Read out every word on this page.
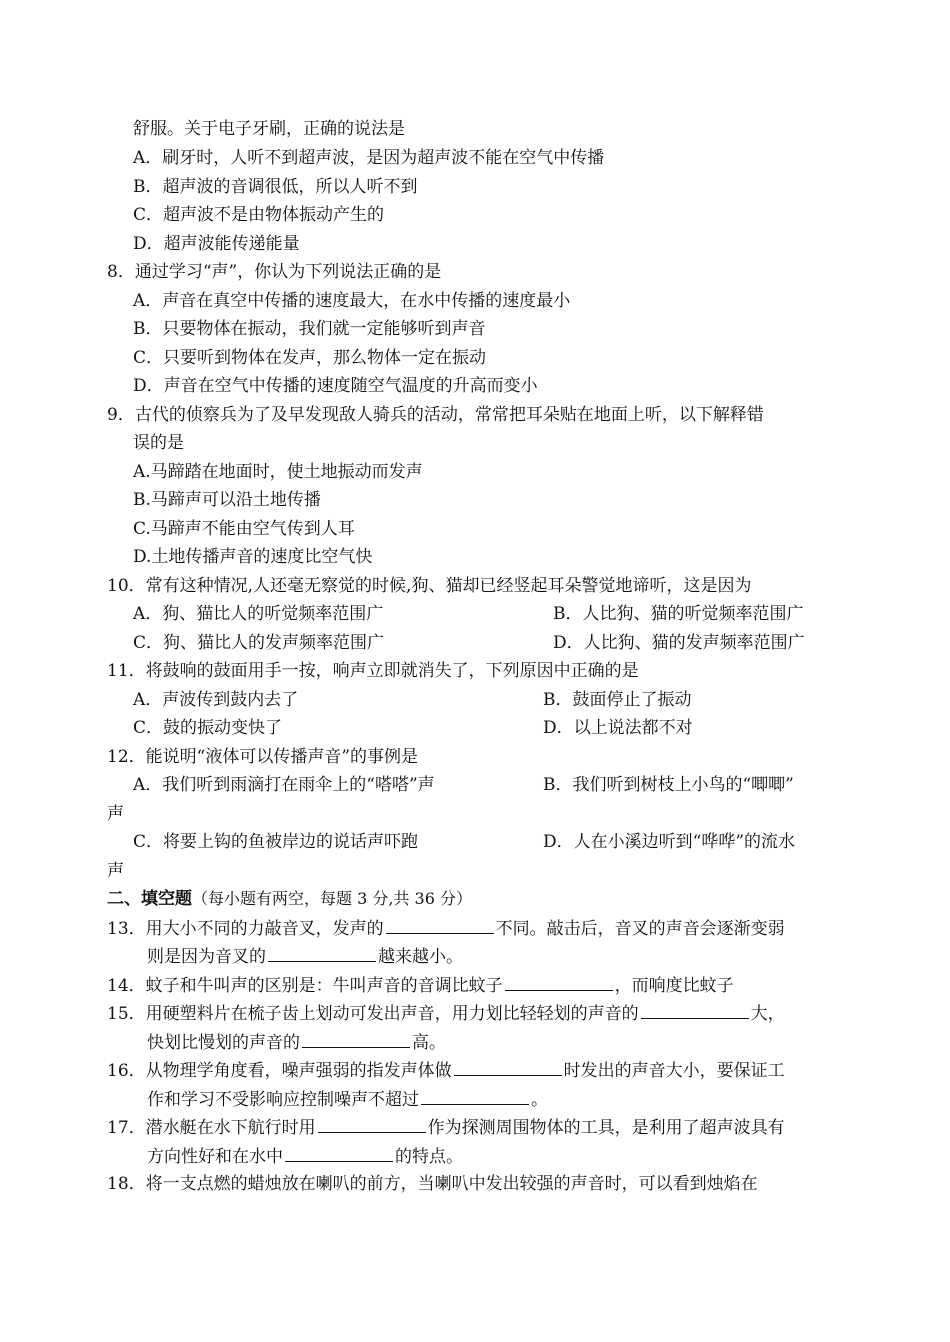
舒服。关于电子牙刷，正确的说法是
A．刷牙时，人听不到超声波，是因为超声波不能在空气中传播
B．超声波的音调很低，所以人听不到
C．超声波不是由物体振动产生的
D．超声波能传递能量
8．通过学习“声”，你认为下列说法正确的是
A．声音在真空中传播的速度最大，在水中传播的速度最小
B．只要物体在振动，我们就一定能够听到声音
C．只要听到物体在发声，那么物体一定在振动
D．声音在空气中传播的速度随空气温度的升高而变小
9．古代的侦察兵为了及早发现敌人骑兵的活动，常常把耳朵贴在地面上听，以下解释错
误的是
A.马蹄踏在地面时，使土地振动而发声
B.马蹄声可以沿土地传播
C.马蹄声不能由空气传到人耳
D.土地传播声音的速度比空气快
10．常有这种情况,人还毫无察觉的时候,狗、猫却已经竖起耳朵警觉地谛听，这是因为
A．狗、猫比人的听觉频率范围广	B．人比狗、猫的听觉频率范围广
C．狗、猫比人的发声频率范围广	D．人比狗、猫的发声频率范围广
11．将鼓响的鼓面用手一按，响声立即就消失了，下列原因中正确的是
A．声波传到鼓内去了	B．鼓面停止了振动
C．鼓的振动变快了	D．以上说法都不对
12．能说明“液体可以传播声音”的事例是
A．我们听到雨滴打在雨伞上的“嗒嗒”声	B．我们听到树枝上小鸟的“唧唧”
声
C．将要上钩的鱼被岸边的说话声吓跑	D．人在小溪边听到“哗哗”的流水
声
二、填空题（每小题有两空，每题 3 分,共 36 分）
13．用大小不同的力敲音叉，发声的	不同。敲击后，音叉的声音会逐渐变弱
则是因为音叉的	越来越小。
14．蚊子和牛叫声的区别是：牛叫声音的音调比蚊子	，而响度比蚊子
15．用硬塑料片在梳子齿上划动可发出声音，用力划比轻轻划的声音的	大，
快划比慢划的声音的	高。
16．从物理学角度看，噪声强弱的指发声体做	时发出的声音大小，要保证工
作和学习不受影响应控制噪声不超过	。
17．潜水艇在水下航行时用	作为探测周围物体的工具，是利用了超声波具有
方向性好和在水中	的特点。
18．将一支点燃的蜡烛放在喇叭的前方，当喇叭中发出较强的声音时，可以看到烛焰在
